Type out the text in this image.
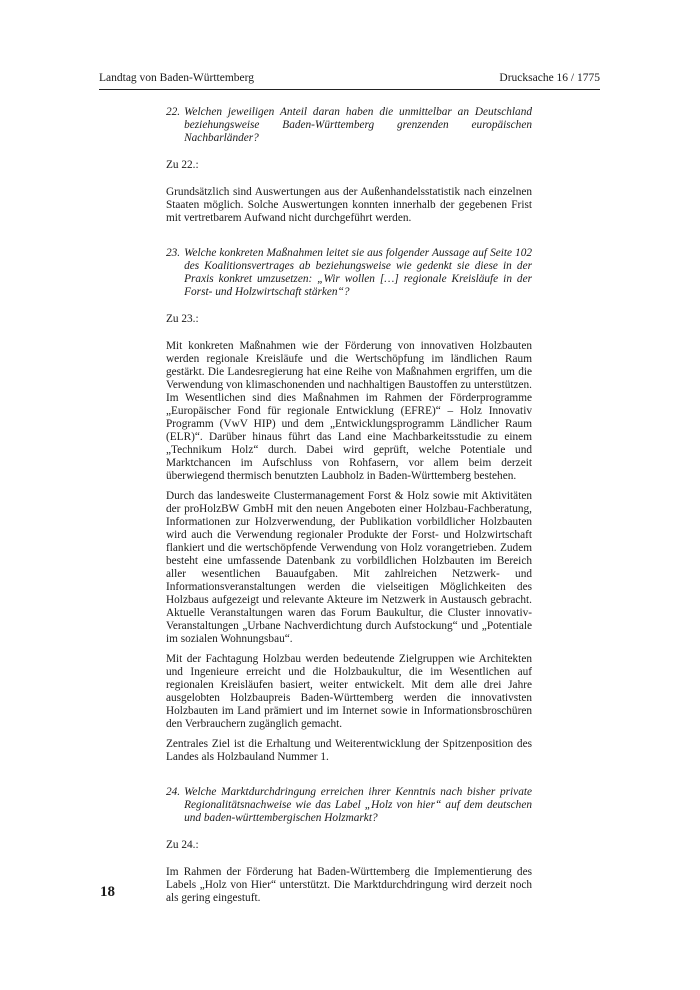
Landtag von Baden-Württemberg	Drucksache 16 / 1775
22. Welchen jeweiligen Anteil daran haben die unmittelbar an Deutschland beziehungsweise Baden-Württemberg grenzenden europäischen Nachbarländer?

Zu 22.:

Grundsätzlich sind Auswertungen aus der Außenhandelsstatistik nach einzelnen Staaten möglich. Solche Auswertungen konnten innerhalb der gegebenen Frist mit vertretbarem Aufwand nicht durchgeführt werden.

23. Welche konkreten Maßnahmen leitet sie aus folgender Aussage auf Seite 102 des Koalitionsvertrages ab beziehungsweise wie gedenkt sie diese in der Praxis konkret umzusetzen: „Wir wollen […] regionale Kreisläufe in der Forst- und Holzwirtschaft stärken“?

Zu 23.:

Mit konkreten Maßnahmen wie der Förderung von innovativen Holzbauten werden regionale Kreisläufe und die Wertschöpfung im ländlichen Raum gestärkt. Die Landesregierung hat eine Reihe von Maßnahmen ergriffen, um die Verwendung von klimaschonenden und nachhaltigen Baustoffen zu unterstützen. Im Wesentlichen sind dies Maßnahmen im Rahmen der Förderprogramme „Europäischer Fond für regionale Entwicklung (EFRE)“ – Holz Innovativ Programm (VwV HIP) und dem „Entwicklungsprogramm Ländlicher Raum (ELR)“. Darüber hinaus führt das Land eine Machbarkeitsstudie zu einem „Technikum Holz“ durch. Dabei wird geprüft, welche Potentiale und Marktchancen im Aufschluss von Rohfasern, vor allem beim derzeit überwiegend thermisch benutzten Laubholz in Baden-Württemberg bestehen.

Durch das landesweite Clustermanagement Forst & Holz sowie mit Aktivitäten der proHolzBW GmbH mit den neuen Angeboten einer Holzbau-Fachberatung, Informationen zur Holzverwendung, der Publikation vorbildlicher Holzbauten wird auch die Verwendung regionaler Produkte der Forst- und Holzwirtschaft flankiert und die wertschöpfende Verwendung von Holz vorangetrieben. Zudem besteht eine umfassende Datenbank zu vorbildlichen Holzbauten im Bereich aller wesentlichen Bauaufgaben. Mit zahlreichen Netzwerk- und Informationsveranstaltungen werden die vielseitigen Möglichkeiten des Holzbaus aufgezeigt und relevante Akteure im Netzwerk in Austausch gebracht. Aktuelle Veranstaltungen waren das Forum Baukultur, die Cluster innovativ-Veranstaltungen „Urbane Nachverdichtung durch Aufstockung“ und „Potentiale im sozialen Wohnungsbau“.

Mit der Fachtagung Holzbau werden bedeutende Zielgruppen wie Architekten und Ingenieure erreicht und die Holzbaukultur, die im Wesentlichen auf regionalen Kreisläufen basiert, weiter entwickelt. Mit dem alle drei Jahre ausgelobten Holzbaupreis Baden-Württemberg werden die innovativsten Holzbauten im Land prämiert und im Internet sowie in Informationsbroschüren den Verbrauchern zugänglich gemacht.

Zentrales Ziel ist die Erhaltung und Weiterentwicklung der Spitzenposition des Landes als Holzbauland Nummer 1.

24. Welche Marktdurchdringung erreichen ihrer Kenntnis nach bisher private Regionalitätsnachweise wie das Label „Holz von hier“ auf dem deutschen und baden-württembergischen Holzmarkt?

Zu 24.:

Im Rahmen der Förderung hat Baden-Württemberg die Implementierung des Labels „Holz von Hier“ unterstützt. Die Marktdurchdringung wird derzeit noch als gering eingestuft.

18
